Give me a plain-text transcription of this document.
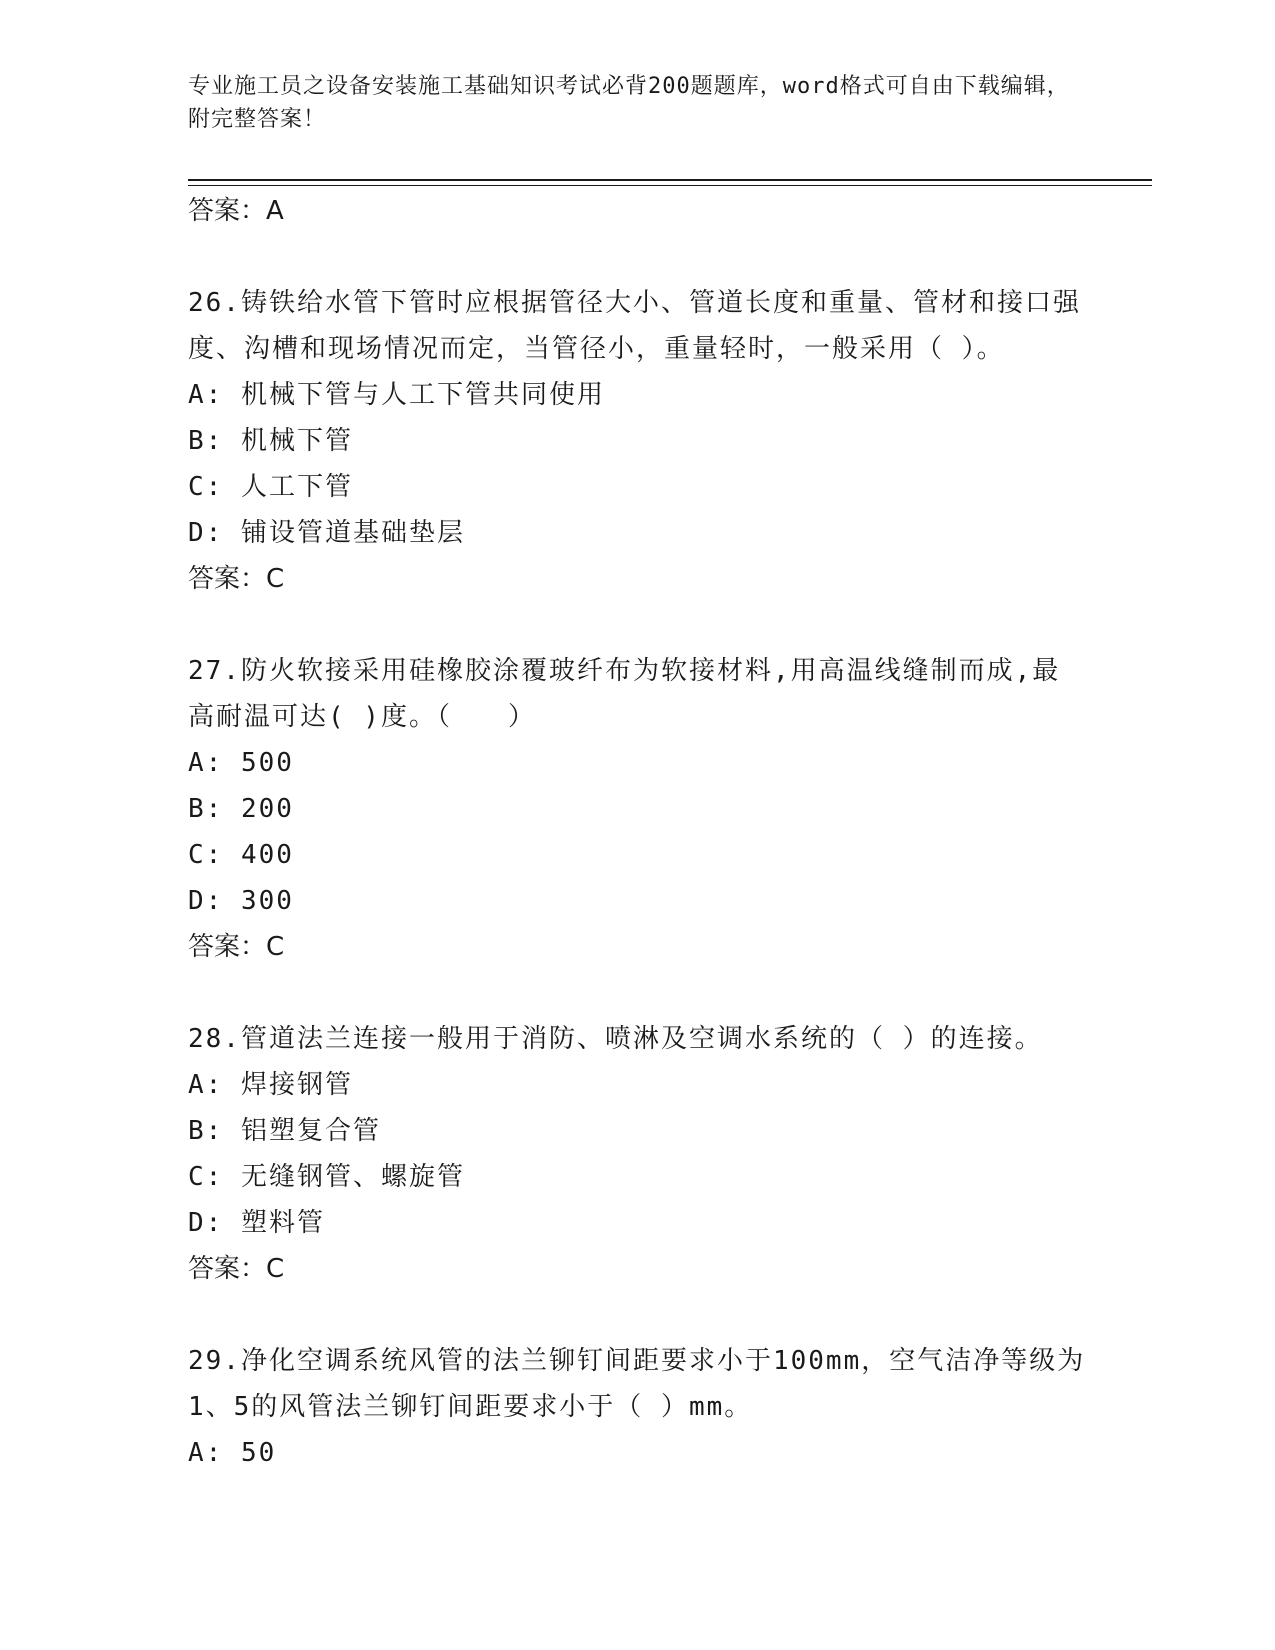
专业施工员之设备安装施工基础知识考试必背200题题库，word格式可自由下载编辑，附完整答案！
答案：A
26.铸铁给水管下管时应根据管径大小、管道长度和重量、管材和接口强度、沟槽和现场情况而定，当管径小，重量轻时，一般采用（ ）。
A: 机械下管与人工下管共同使用
B: 机械下管
C: 人工下管
D: 铺设管道基础垫层
答案：C
27.防火软接采用硅橡胶涂覆玻纤布为软接材料,用高温线缝制而成,最高耐温可达( )度。（　　）
A: 500
B: 200
C: 400
D: 300
答案：C
28.管道法兰连接一般用于消防、喷淋及空调水系统的（ ）的连接。
A: 焊接钢管
B: 铝塑复合管
C: 无缝钢管、螺旋管
D: 塑料管
答案：C
29.净化空调系统风管的法兰铆钉间距要求小于100mm，空气洁净等级为1、5的风管法兰铆钉间距要求小于（ ）mm。
A: 50
